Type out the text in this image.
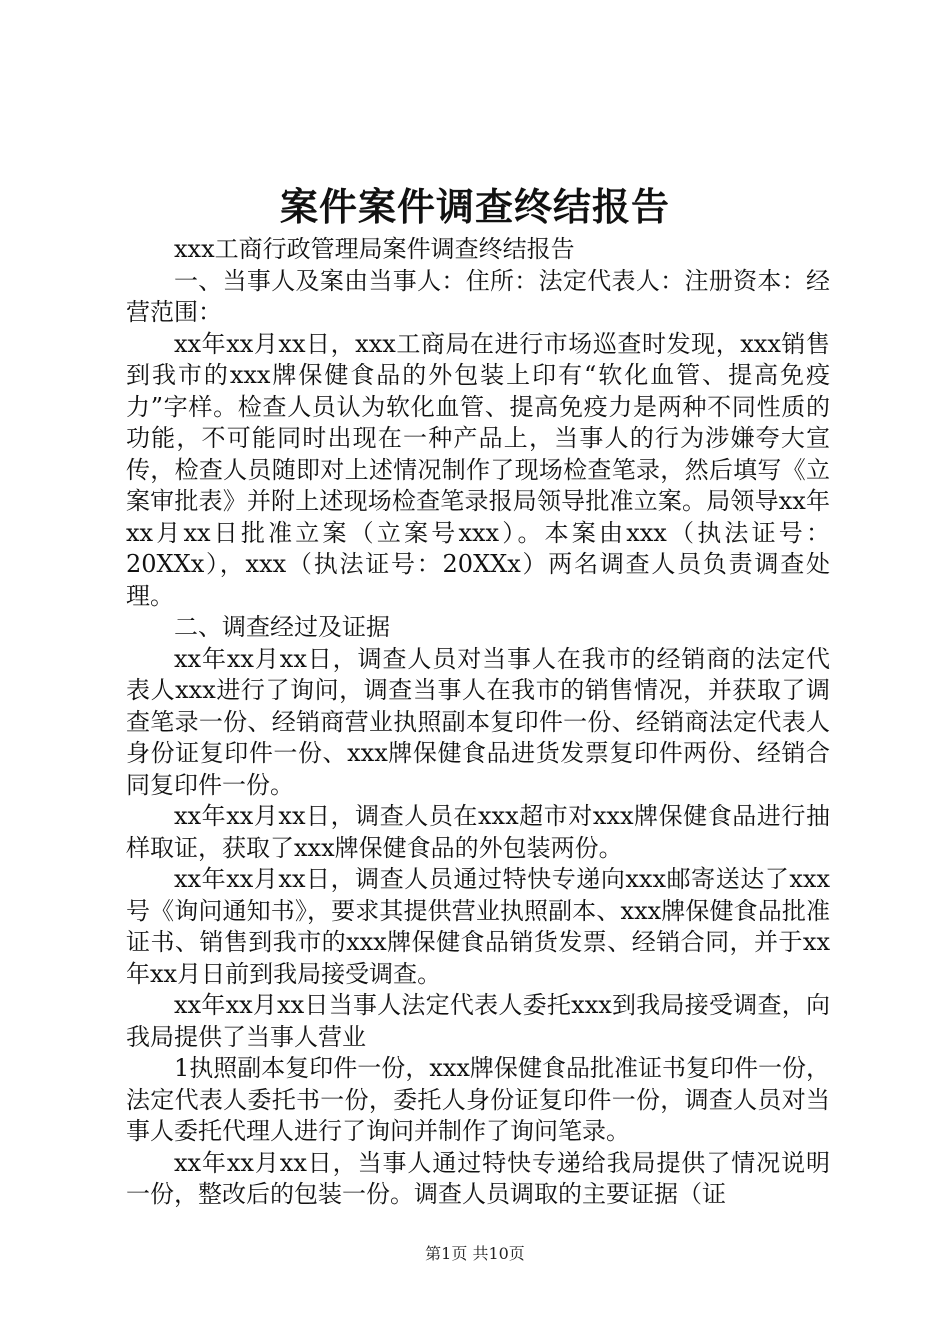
案件案件调查终结报告

xxx工商行政管理局案件调查终结报告

一、当事人及案由当事人：住所：法定代表人：注册资本：经营范围：

xx年xx月xx日，xxx工商局在进行市场巡查时发现，xxx销售到我市的xxx牌保健食品的外包装上印有“软化血管、提高免疫力”字样。检查人员认为软化血管、提高免疫力是两种不同性质的功能，不可能同时出现在一种产品上，当事人的行为涉嫌夸大宣传，检查人员随即对上述情况制作了现场检查笔录，然后填写《立案审批表》并附上述现场检查笔录报局领导批准立案。局领导xx年xx月xx日批准立案（立案号xxx）。本案由xxx（执法证号：20XXx），xxx（执法证号：20XXx）两名调查人员负责调查处理。

二、调查经过及证据

xx年xx月xx日，调查人员对当事人在我市的经销商的法定代表人xxx进行了询问，调查当事人在我市的销售情况，并获取了调查笔录一份、经销商营业执照副本复印件一份、经销商法定代表人身份证复印件一份、xxx牌保健食品进货发票复印件两份、经销合同复印件一份。

xx年xx月xx日，调查人员在xxx超市对xxx牌保健食品进行抽样取证，获取了xxx牌保健食品的外包装两份。

xx年xx月xx日，调查人员通过特快专递向xxx邮寄送达了xxx号《询问通知书》，要求其提供营业执照副本、xxx牌保健食品批准证书、销售到我市的xxx牌保健食品销货发票、经销合同，并于xx年xx月日前到我局接受调查。

xx年xx月xx日当事人法定代表人委托xxx到我局接受调查，向我局提供了当事人营业

1执照副本复印件一份，xxx牌保健食品批准证书复印件一份，法定代表人委托书一份，委托人身份证复印件一份，调查人员对当事人委托代理人进行了询问并制作了询问笔录。

xx年xx月xx日，当事人通过特快专递给我局提供了情况说明一份，整改后的包装一份。调查人员调取的主要证据（证

第1页 共10页
